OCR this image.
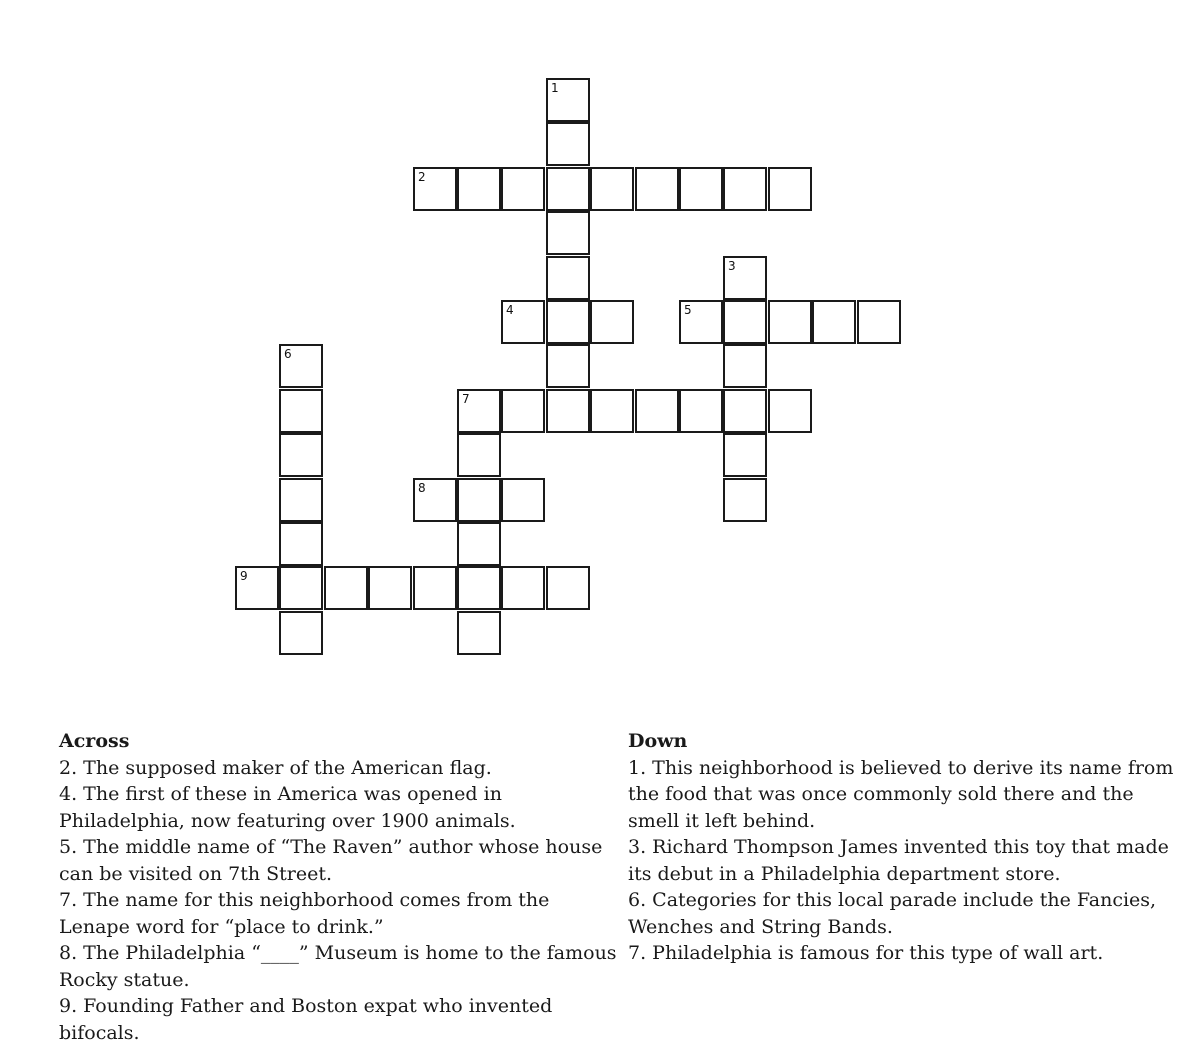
1
2
3
4	5
6
7
8
9
Across

2. The supposed maker of the American flag.

4. The first of these in America was opened in Philadelphia, now featuring over 1900 animals.

5. The middle name of “The Raven” author whose house can be visited on 7th Street.

7. The name for this neighborhood comes from the Lenape word for “place to drink.”

8. The Philadelphia “____” Museum is home to the famous Rocky statue.

9. Founding Father and Boston expat who invented bifocals.

Down

1. This neighborhood is believed to derive its name from the food that was once commonly sold there and the smell it left behind.

3. Richard Thompson James invented this toy that made its debut in a Philadelphia department store.

6. Categories for this local parade include the Fancies, Wenches and String Bands.

7. Philadelphia is famous for this type of wall art.
